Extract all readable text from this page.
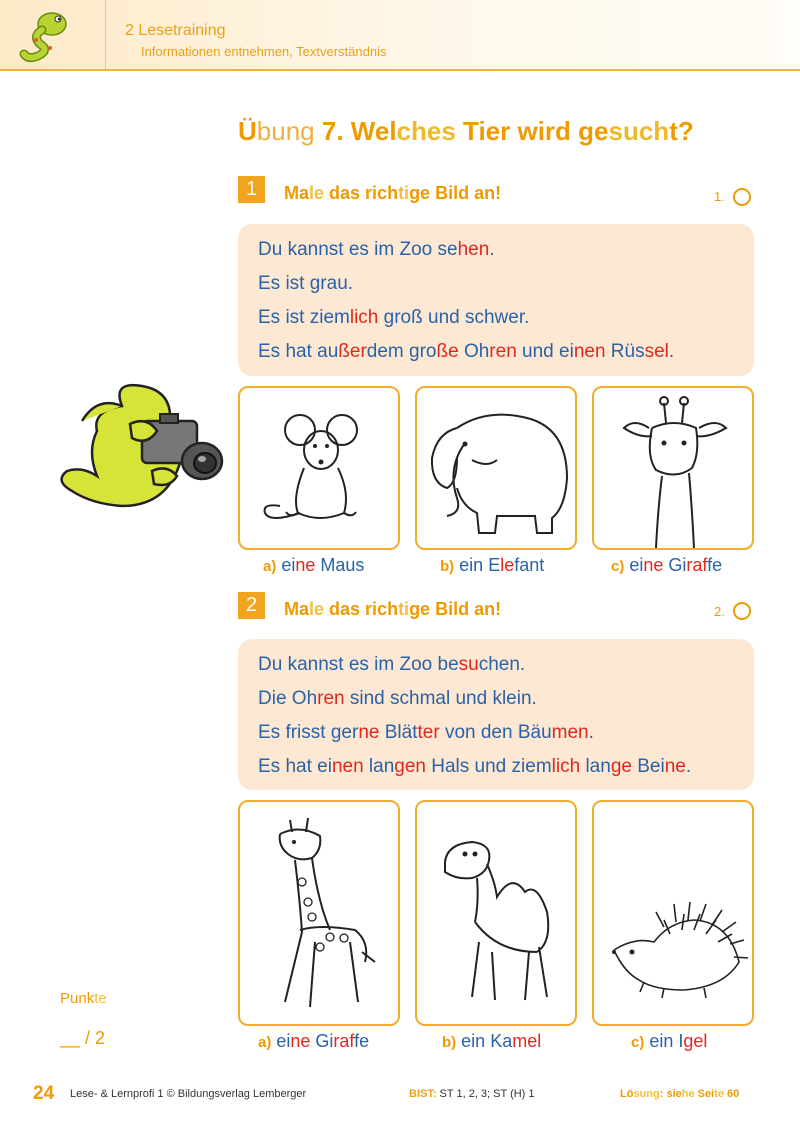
2 Lesetraining
Informationen entnehmen, Textverständnis
Übung 7. Welches Tier wird gesucht?
1	Male das richtige Bild an!	1.
Du kannst es im Zoo sehen.
Es ist grau.
Es ist ziemlich groß und schwer.
Es hat außerdem große Ohren und einen Rüssel.
a) eine Maus	b) ein Elefant	c) eine Giraffe
2	Male das richtige Bild an!	2.
Du kannst es im Zoo besuchen.
Die Ohren sind schmal und klein.
Es frisst gerne Blätter von den Bäumen.
Es hat einen langen Hals und ziemlich lange Beine.
a) eine Giraffe	b) ein Kamel	c) ein Igel
Punkte
__ / 2
24 Lese- & Lernprofi 1 © Bildungsverlag Lemberger	BIST: ST 1, 2, 3; ST (H) 1	Lösung: siehe Seite 60
